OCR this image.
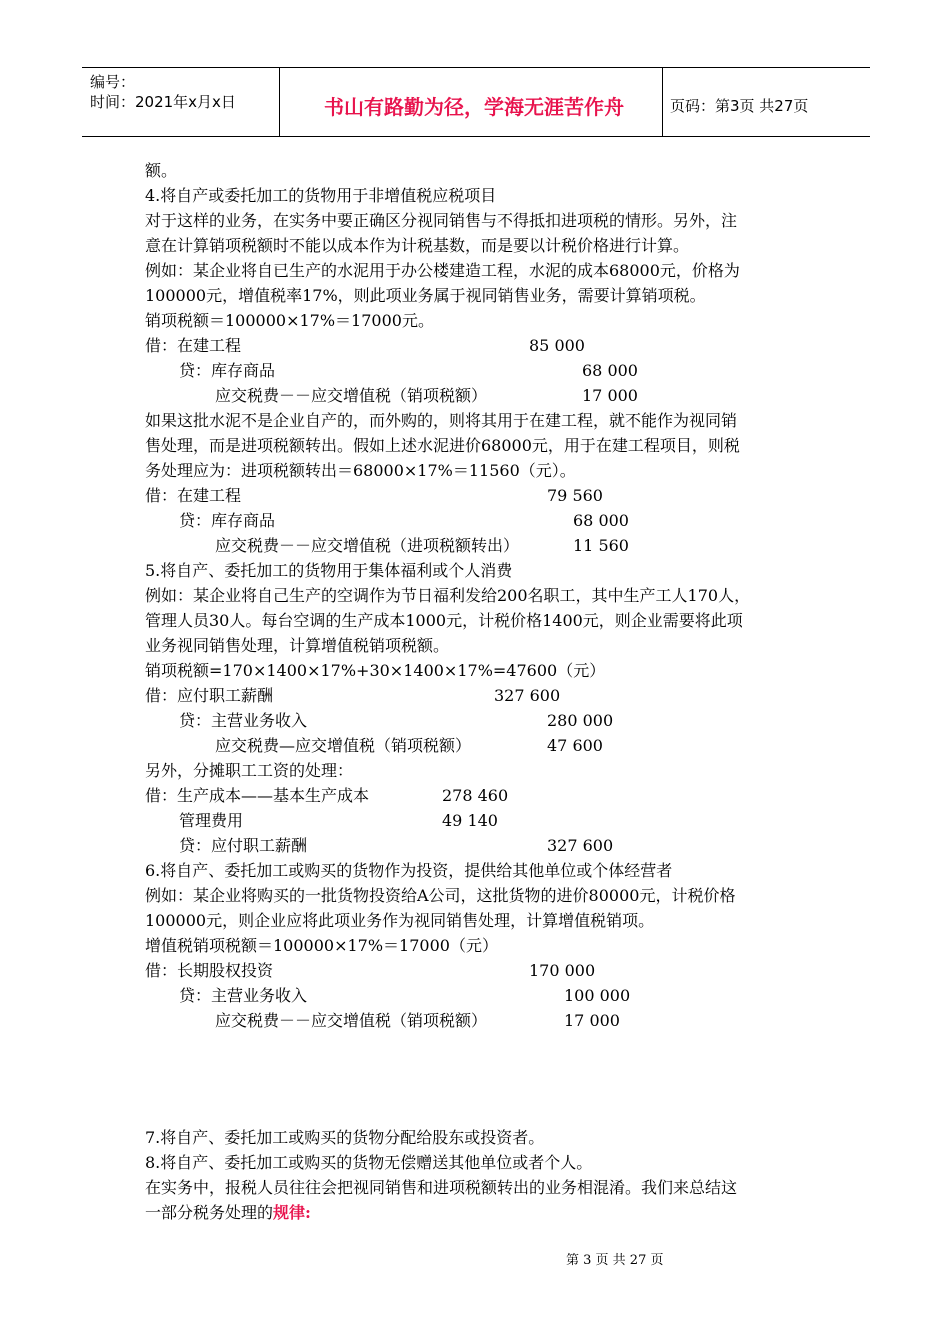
编号：
时间：2021年x月x日	书山有路勤为径，学海无涯苦作舟	页码：第3页 共27页
额。
4.将自产或委托加工的货物用于非增值税应税项目
对于这样的业务，在实务中要正确区分视同销售与不得抵扣进项税的情形。另外，注
意在计算销项税额时不能以成本作为计税基数，而是要以计税价格进行计算。
例如：某企业将自已生产的水泥用于办公楼建造工程，水泥的成本68000元，价格为
100000元，增值税率17%，则此项业务属于视同销售业务，需要计算销项税。
销项税额＝100000×17%＝17000元。
借：在建工程	85 000
贷：库存商品	68 000
应交税费－－应交增值税（销项税额）	17 000
如果这批水泥不是企业自产的，而外购的，则将其用于在建工程，就不能作为视同销
售处理，而是进项税额转出。假如上述水泥进价68000元，用于在建工程项目，则税
务处理应为：进项税额转出＝68000×17%＝11560（元）。
借：在建工程	79 560
贷：库存商品	68 000
应交税费－－应交增值税（进项税额转出）	11 560
5.将自产、委托加工的货物用于集体福利或个人消费
例如：某企业将自己生产的空调作为节日福利发给200名职工，其中生产工人170人，
管理人员30人。每台空调的生产成本1000元，计税价格1400元，则企业需要将此项
业务视同销售处理，计算增值税销项税额。
销项税额=170×1400×17%+30×1400×17%=47600（元）
借：应付职工薪酬	327 600
贷：主营业务收入	280 000
应交税费—应交增值税（销项税额）	47 600
另外，分摊职工工资的处理：
借：生产成本——基本生产成本	278 460
管理费用	49 140
贷：应付职工薪酬	327 600
6.将自产、委托加工或购买的货物作为投资，提供给其他单位或个体经营者
例如：某企业将购买的一批货物投资给A公司，这批货物的进价80000元，计税价格
100000元，则企业应将此项业务作为视同销售处理，计算增值税销项。
增值税销项税额＝100000×17%＝17000（元）
借：长期股权投资	170 000
贷：主营业务收入	100 000
应交税费－－应交增值税（销项税额）	17 000
7.将自产、委托加工或购买的货物分配给股东或投资者。
8.将自产、委托加工或购买的货物无偿赠送其他单位或者个人。
在实务中，报税人员往往会把视同销售和进项税额转出的业务相混淆。我们来总结这
一部分税务处理的规律:
第 3 页 共 27 页
